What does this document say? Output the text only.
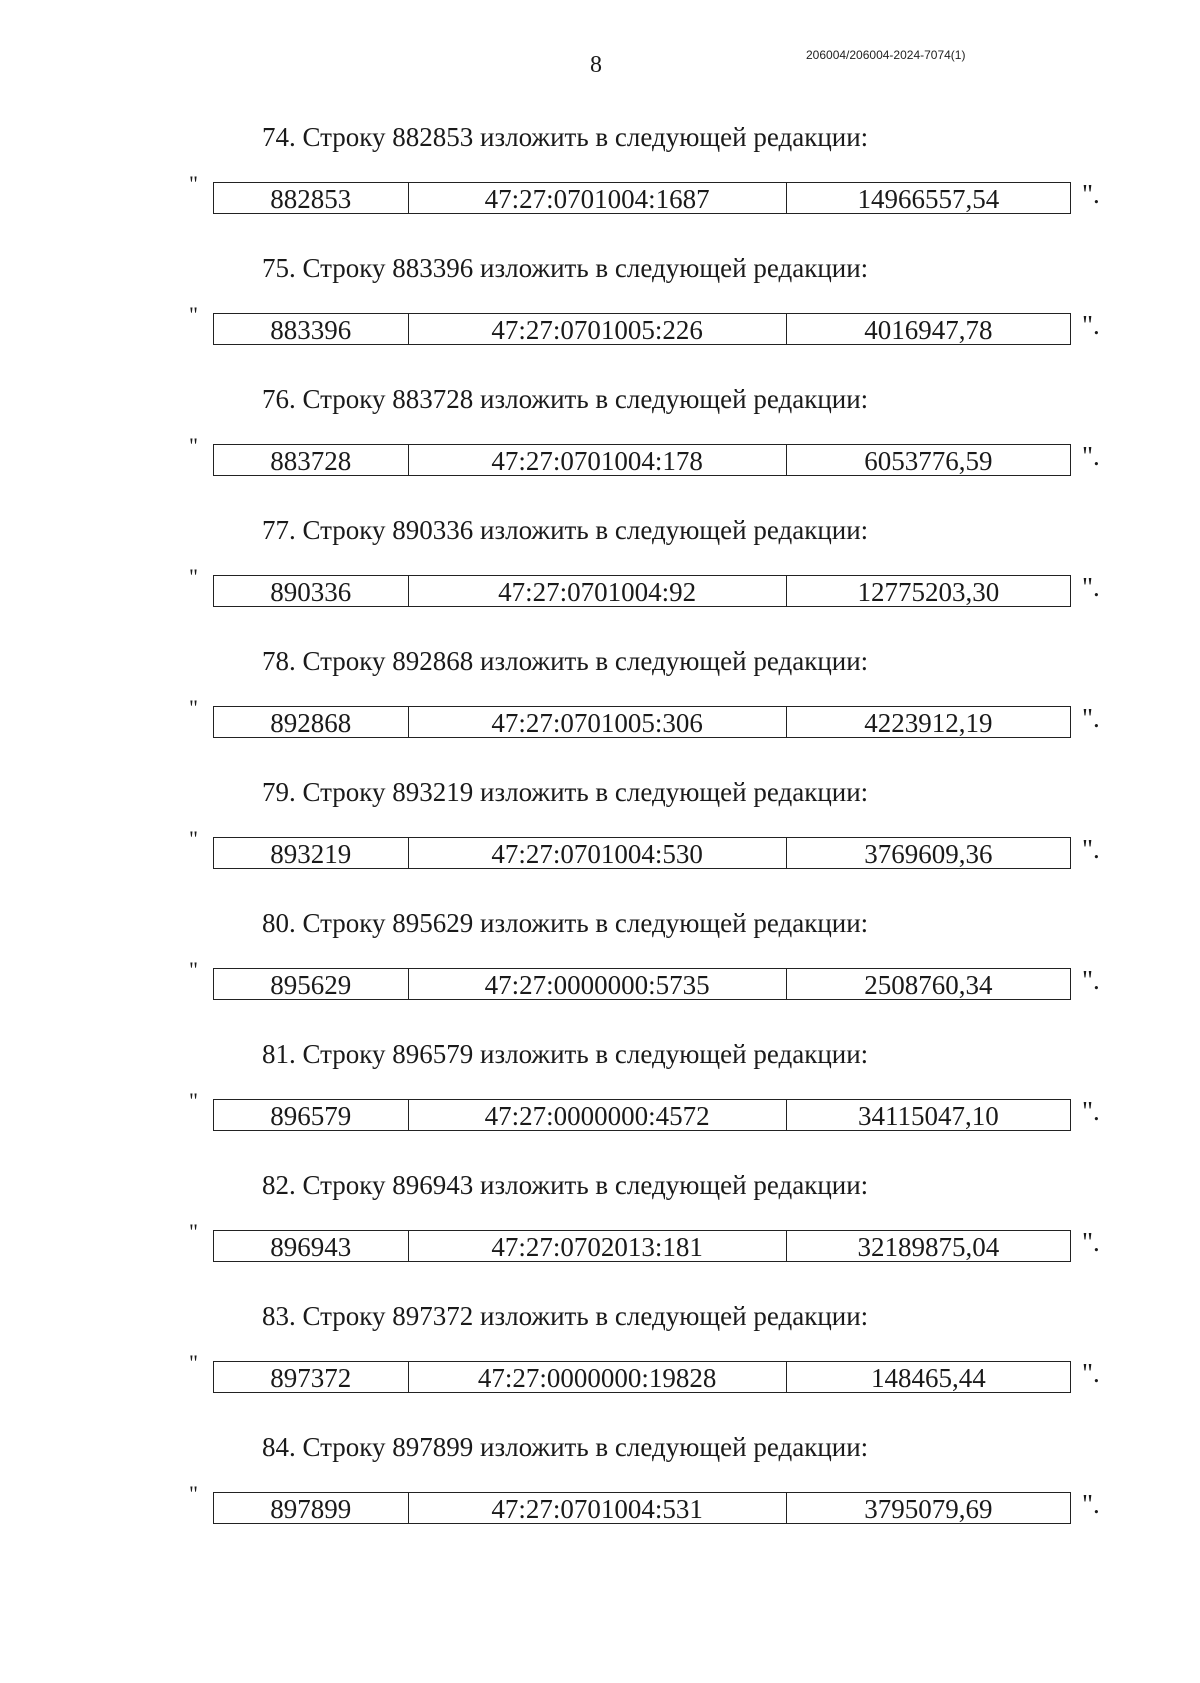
8	206004/206004-2024-7074(1)
74. Строку 882853 изложить в следующей редакции:
"
882853	47:27:0701004:1687	14966557,54	".
75. Строку 883396 изложить в следующей редакции:
"
883396	47:27:0701005:226	4016947,78	".
76. Строку 883728 изложить в следующей редакции:
"
883728	47:27:0701004:178	6053776,59	".
77. Строку 890336 изложить в следующей редакции:
"
890336	47:27:0701004:92	12775203,30	".
78. Строку 892868 изложить в следующей редакции:
"
892868	47:27:0701005:306	4223912,19	".
79. Строку 893219 изложить в следующей редакции:
"
893219	47:27:0701004:530	3769609,36	".
80. Строку 895629 изложить в следующей редакции:
"
895629	47:27:0000000:5735	2508760,34	".
81. Строку 896579 изложить в следующей редакции:
"
896579	47:27:0000000:4572	34115047,10	".
82. Строку 896943 изложить в следующей редакции:
"
896943	47:27:0702013:181	32189875,04	".
83. Строку 897372 изложить в следующей редакции:
"
897372	47:27:0000000:19828	148465,44	".
84. Строку 897899 изложить в следующей редакции:
"
897899	47:27:0701004:531	3795079,69	".
